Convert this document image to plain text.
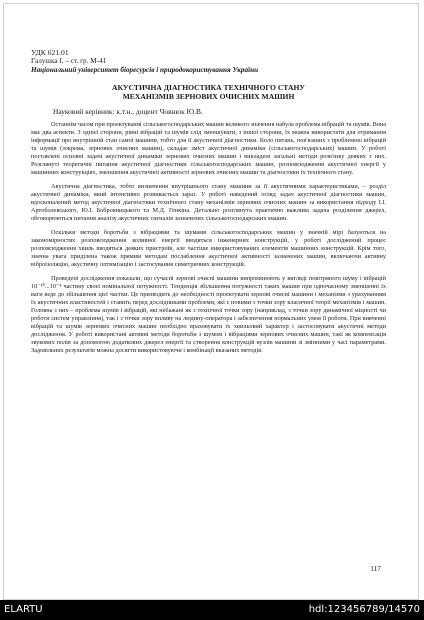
УДК 621.01
Галушка І. – ст. гр. М-41
Національний університет біоресурсів і природокористування України
АКУСТИЧНА ДІАГНОСТИКА ТЕХНІЧНОГО СТАНУ
МЕХАНІЗМІВ ЗЕРНОВИХ ОЧИСНИХ МАШИН
Науковий керівник: к.т.н., доцент Човнюк Ю.В.

Останнім часом при проектуванні сільськогосподарських машин великого значення набула проблема вібрацій та шумів. Вона має два аспекти. З однієї сторони, рівні вібрацій та шумів слід зменшувати, з іншої сторони, їх можна використати для отримання інформації про внутрішній стан самої машини, тобто для її акустичної діагностики. Коло питань, пов'язаних з проблемою вібрацій та шумів (зокрема, зернових очисних машин), складає зміст акустичної динаміки (сільськогосподарських) машин. У роботі поставлені основні задачі акустичної динаміки зернових очисних машин і викладені загальні методи розв'язку деяких з них. Розглянуті теоретичні питання акустичної діагностики сільськогосподарських машин, розповсюдження акустичної енергії у машинних конструкціях, зменшення акустичної активності зернових очисних машин та діагностики їх технічного стану.

Акустична діагностика, тобто визначення внутрішнього стану машини за її акустичними характеристиками, – розділ акустичної динаміки, який інтенсивно розвивається зараз. У роботі наведений огляд задач акустичної діагностики машин, вдосконалений метод акустичної діагностики технічного стану механізмів зернових очисних машин за використання підходу І.І. Артоболевського, Ю.І. Бобровницького та М.Д. Генкіна. Детально розглянута практично важлива задача розділення джерел, обговорюються питання аналізу акустичних сигналів зазначених сільськогосподарських машин.

Оскільки методи боротьби з вібраціями та шумами сільськогосподарських машин у значній мірі базуються на закономірностях розповсюдження коливної енергії вводяться інженерних конструкцій, у роботі досліджений процес розповсюдження хвиль вводяться деяких пристроїв, але частіше використовуваних елементів машинних конструкцій. Крім того, значна увага приділена також прямим методам послаблення акустичної активності зазначених машин, включаючи активну віброізоляцію, акустичну оптимізацію і застосування симетричних конструкцій.

Проведені дослідження показали, що сучасні зернові очисні машини випромінюють у вигляді повітряного шуму і вібрацій 10⁻¹⁰...10⁻⁴ частину своєї номінальної потужності. Тенденція збільшення потужності таких машин при одночасному зменшенні їх ваги веде до збільшення цієї частки. Це призводить до необхідності проектувати зернові очисні машини і механізми з урахуванням їх акустичних властивостей і ставить перед дослідниками проблеми, які є новими з точки зору класичної теорії механізмів і машин. Головна з них – проблема шумів і вібрацій, які небажані як з технічної точки зору (наприклад, з точки зору динамічної міцності чи роботи систем управління), так і з точки зору впливу на людину-оператора і забезпечення нормальних умов її роботи. При вивченні вібрацій та шумів зернових очисних машин необхідно враховувати їх хвильовий характер і застосовувати акустичні методи дослідження. У роботі використані активні методи боротьби з шумом і вібраціями зернових очисних машин, такі як компенсація звукових полів за допомогою додаткових джерел енергії та створення конструкцій вузлів машини зі змінними у часі параметрами. Задовільних результатів можна досягти використовуючи і комбінації вказаних методів.

117
ELARTU	hdl:123456789/14570
